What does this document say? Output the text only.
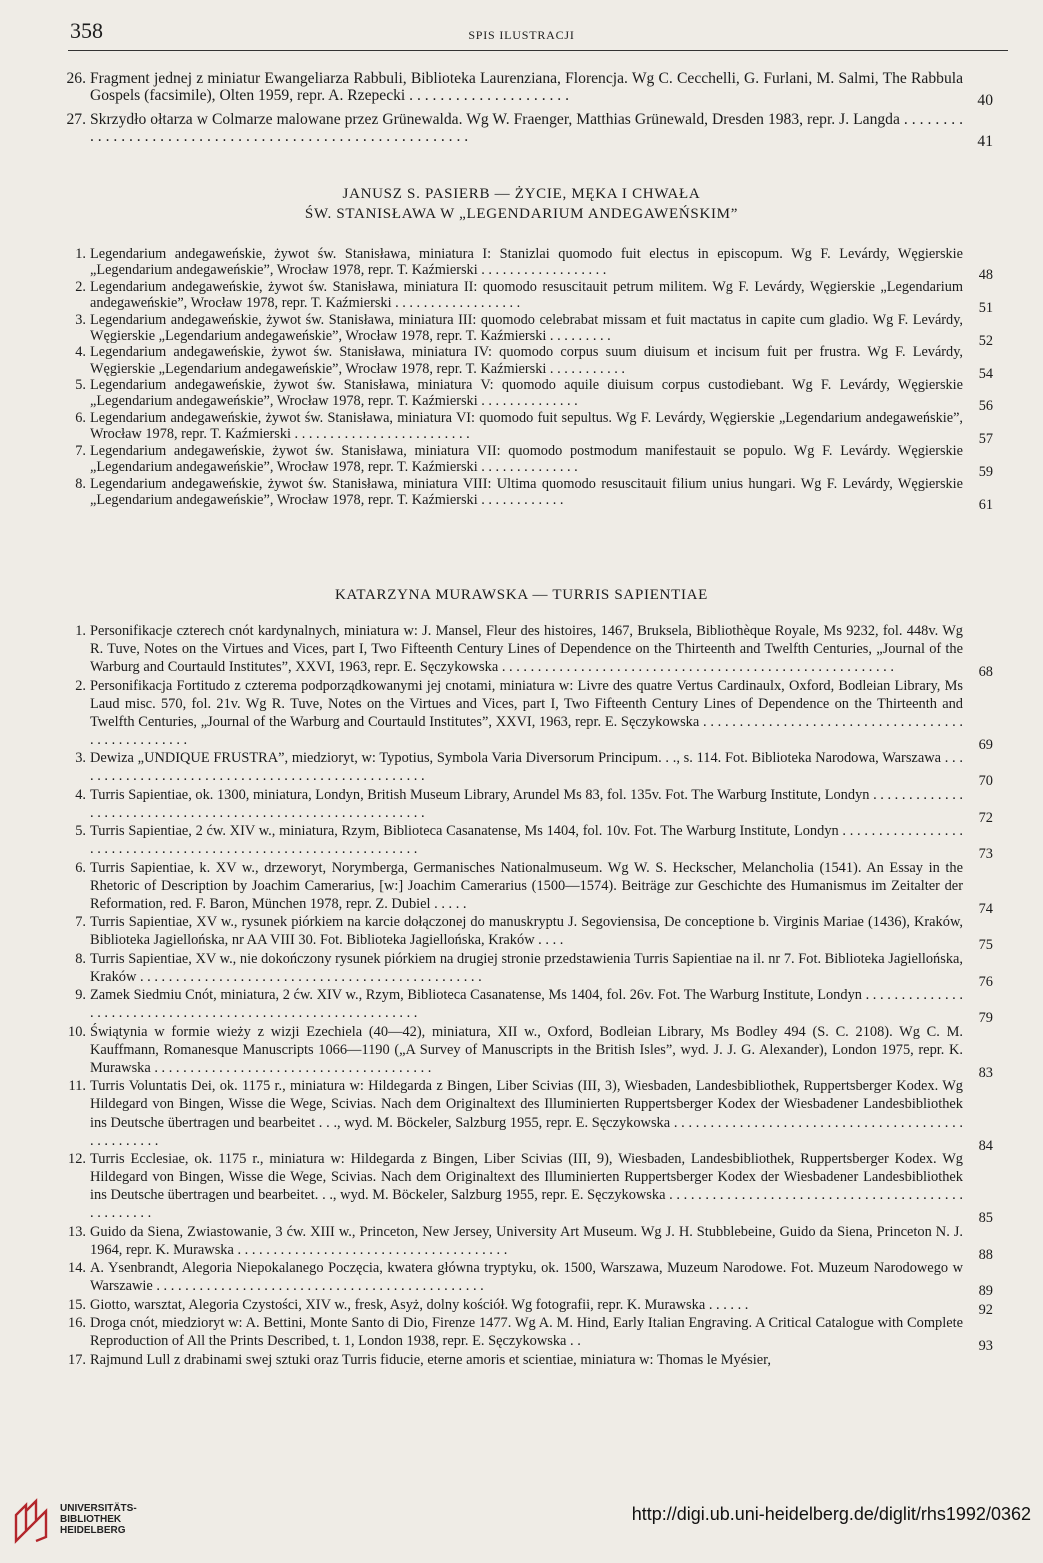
358	SPIS ILUSTRACJI
26. Fragment jednej z miniatur Ewangeliarza Rabbuli, Biblioteka Laurenziana, Florencja. Wg C. Cecchelli, G. Furlani, M. Salmi, The Rabbula Gospels (facsimile), Olten 1959, repr. A. Rzepecki . . . . . . . . . . . . . . . . . . . . .	40
27. Skrzydło ołtarza w Colmarze malowane przez Grünewalda. Wg W. Fraenger, Matthias Grünewald, Dresden 1983, repr. J. Langda . . . . . . . . . . . . . . . . . . . . . . . . . . . . . . . . . . . . . . . . . . . . . . . . . . . . . . . . .	41
JANUSZ S. PASIERB — ŻYCIE, MĘKA I CHWAŁA
ŚW. STANISŁAWA W „LEGENDARIUM ANDEGAWEŃSKIM”
1. Legendarium andegaweńskie, żywot św. Stanisława, miniatura I: Stanizlai quomodo fuit electus in episcopum. Wg F. Levárdy, Węgierskie „Legendarium andegaweńskie”, Wrocław 1978, repr. T. Kaźmierski . . . . . . . . . . . . . . . . . .	48
2. Legendarium andegaweńskie, żywot św. Stanisława, miniatura II: quomodo resuscitauit petrum militem. Wg F. Levárdy, Węgierskie „Legendarium andegaweńskie”, Wrocław 1978, repr. T. Kaźmierski . . . . . . . . . . . . . . . . . .	51
3. Legendarium andegaweńskie, żywot św. Stanisława, miniatura III: quomodo celebrabat missam et fuit mactatus in capite cum gladio. Wg F. Levárdy, Węgierskie „Legendarium andegaweńskie”, Wrocław 1978, repr. T. Kaźmierski . . . . . . . . .	52
4. Legendarium andegaweńskie, żywot św. Stanisława, miniatura IV: quomodo corpus suum diuisum et incisum fuit per frustra. Wg F. Levárdy, Węgierskie „Legendarium andegaweńskie”, Wrocław 1978, repr. T. Kaźmierski . . . . . . . . . . .	54
5. Legendarium andegaweńskie, żywot św. Stanisława, miniatura V: quomodo aquile diuisum corpus custodiebant. Wg F. Levárdy, Węgierskie „Legendarium andegaweńskie”, Wrocław 1978, repr. T. Kaźmierski . . . . . . . . . . . . . .	56
6. Legendarium andegaweńskie, żywot św. Stanisława, miniatura VI: quomodo fuit sepultus. Wg F. Levárdy, Węgierskie „Legendarium andegaweńskie”, Wrocław 1978, repr. T. Kaźmierski . . . . . . . . . . . . . . . . . . . . . . . . .	57
7. Legendarium andegaweńskie, żywot św. Stanisława, miniatura VII: quomodo postmodum manifestauit se populo. Wg F. Levárdy. Węgierskie „Legendarium andegaweńskie”, Wrocław 1978, repr. T. Kaźmierski . . . . . . . . . . . . . .	59
8. Legendarium andegaweńskie, żywot św. Stanisława, miniatura VIII: Ultima quomodo resuscitauit filium unius hungari. Wg F. Levárdy, Węgierskie „Legendarium andegaweńskie”, Wrocław 1978, repr. T. Kaźmierski . . . . . . . . . . . .	61
KATARZYNA MURAWSKA — TURRIS SAPIENTIAE
1. Personifikacje czterech cnót kardynalnych, miniatura w: J. Mansel, Fleur des histoires, 1467, Bruksela, Bibliothèque Royale, Ms 9232, fol. 448v. Wg R. Tuve, Notes on the Virtues and Vices, part I, Two Fifteenth Century Lines of Dependence on the Thirteenth and Twelfth Centuries, „Journal of the Warburg and Courtauld Institutes”, XXVI, 1963, repr. E. Sęczykowska . . . . . . . . . . . . . . . . . . . . . . . . . . . . . . . . . . . . . . . . . . . . . . . . . . . . . . .	68
2. Personifikacja Fortitudo z czterema podporządkowanymi jej cnotami, miniatura w: Livre des quatre Vertus Cardinaulx, Oxford, Bodleian Library, Ms Laud misc. 570, fol. 21v. Wg R. Tuve, Notes on the Virtues and Vices, part I, Two Fifteenth Century Lines of Dependence on the Thirteenth and Twelfth Centuries, „Journal of the Warburg and Courtauld Institutes”, XXVI, 1963, repr. E. Sęczykowska . . . . . . . . . . . . . . . . . . . . . . . . . . . . . . . . . . . . . . . . . . . . . . . . . .	69
3. Dewiza „UNDIQUE FRUSTRA”, miedzioryt, w: Typotius, Symbola Varia Diversorum Principum. . ., s. 114. Fot. Biblioteka Narodowa, Warszawa . . . . . . . . . . . . . . . . . . . . . . . . . . . . . . . . . . . . . . . . . . . . . . . . . .	70
4. Turris Sapientiae, ok. 1300, miniatura, Londyn, British Museum Library, Arundel Ms 83, fol. 135v. Fot. The Warburg Institute, Londyn . . . . . . . . . . . . . . . . . . . . . . . . . . . . . . . . . . . . . . . . . . . . . . . . . . . . . . . . . . . .	72
5. Turris Sapientiae, 2 ćw. XIV w., miniatura, Rzym, Biblioteca Casanatense, Ms 1404, fol. 10v. Fot. The Warburg Institute, Londyn . . . . . . . . . . . . . . . . . . . . . . . . . . . . . . . . . . . . . . . . . . . . . . . . . . . . . . . . . . . . . . .	73
6. Turris Sapientiae, k. XV w., drzeworyt, Norymberga, Germanisches Nationalmuseum. Wg W. S. Heckscher, Melancholia (1541). An Essay in the Rhetoric of Description by Joachim Camerarius, [w:] Joachim Camerarius (1500—1574). Beiträge zur Geschichte des Humanismus im Zeitalter der Reformation, red. F. Baron, München 1978, repr. Z. Dubiel . . . . .	74
7. Turris Sapientiae, XV w., rysunek piórkiem na karcie dołączonej do manuskryptu J. Segoviensisa, De conceptione b. Virginis Mariae (1436), Kraków, Biblioteka Jagiellońska, nr AA VIII 30. Fot. Biblioteka Jagiellońska, Kraków . . . .	75
8. Turris Sapientiae, XV w., nie dokończony rysunek piórkiem na drugiej stronie przedstawienia Turris Sapientiae na il. nr 7. Fot. Biblioteka Jagiellońska, Kraków . . . . . . . . . . . . . . . . . . . . . . . . . . . . . . . . . . . . . . . . . . . . . . . .	76
9. Zamek Siedmiu Cnót, miniatura, 2 ćw. XIV w., Rzym, Biblioteca Casanatense, Ms 1404, fol. 26v. Fot. The Warburg Institute, Londyn . . . . . . . . . . . . . . . . . . . . . . . . . . . . . . . . . . . . . . . . . . . . . . . . . . . . . . . . . . . .	79
10. Świątynia w formie wieży z wizji Ezechiela (40—42), miniatura, XII w., Oxford, Bodleian Library, Ms Bodley 494 (S. C. 2108). Wg C. M. Kauffmann, Romanesque Manuscripts 1066—1190 („A Survey of Manuscripts in the British Isles”, wyd. J. J. G. Alexander), London 1975, repr. K. Murawska . . . . . . . . . . . . . . . . . . . . . . . . . . . . . . . . . . . . . . .	83
11. Turris Voluntatis Dei, ok. 1175 r., miniatura w: Hildegarda z Bingen, Liber Scivias (III, 3), Wiesbaden, Landesbibliothek, Ruppertsberger Kodex. Wg Hildegard von Bingen, Wisse die Wege, Scivias. Nach dem Originaltext des Illuminierten Ruppertsberger Kodex der Wiesbadener Landesbibliothek ins Deutsche übertragen und bearbeitet . . ., wyd. M. Böckeler, Salzburg 1955, repr. E. Sęczykowska . . . . . . . . . . . . . . . . . . . . . . . . . . . . . . . . . . . . . . . . . . . . . . . . . .	84
12. Turris Ecclesiae, ok. 1175 r., miniatura w: Hildegarda z Bingen, Liber Scivias (III, 9), Wiesbaden, Landesbibliothek, Ruppertsberger Kodex. Wg Hildegard von Bingen, Wisse die Wege, Scivias. Nach dem Originaltext des Illuminierten Ruppertsberger Kodex der Wiesbadener Landesbibliothek ins Deutsche übertragen und bearbeitet. . ., wyd. M. Böckeler, Salzburg 1955, repr. E. Sęczykowska . . . . . . . . . . . . . . . . . . . . . . . . . . . . . . . . . . . . . . . . . . . . . . . . . .	85
13. Guido da Siena, Zwiastowanie, 3 ćw. XIII w., Princeton, New Jersey, University Art Museum. Wg J. H. Stubblebeine, Guido da Siena, Princeton N. J. 1964, repr. K. Murawska . . . . . . . . . . . . . . . . . . . . . . . . . . . . . . . . . . . . . .	88
14. A. Ysenbrandt, Alegoria Niepokalanego Poczęcia, kwatera główna tryptyku, ok. 1500, Warszawa, Muzeum Narodowe. Fot. Muzeum Narodowego w Warszawie . . . . . . . . . . . . . . . . . . . . . . . . . . . . . . . . . . . . . . . . . . . . . .	89
15. Giotto, warsztat, Alegoria Czystości, XIV w., fresk, Asyż, dolny kościół. Wg fotografii, repr. K. Murawska . . . . . .	92
16. Droga cnót, miedzioryt w: A. Bettini, Monte Santo di Dio, Firenze 1477. Wg A. M. Hind, Early Italian Engraving. A Critical Catalogue with Complete Reproduction of All the Prints Described, t. 1, London 1938, repr. E. Sęczykowska . .	93
17. Rajmund Lull z drabinami swej sztuki oraz Turris fiducie, eterne amoris et scientiae, miniatura w: Thomas le Myésier,
UNIVERSITÄTS-
BIBLIOTHEK
HEIDELBERG
http://digi.ub.uni-heidelberg.de/diglit/rhs1992/0362
